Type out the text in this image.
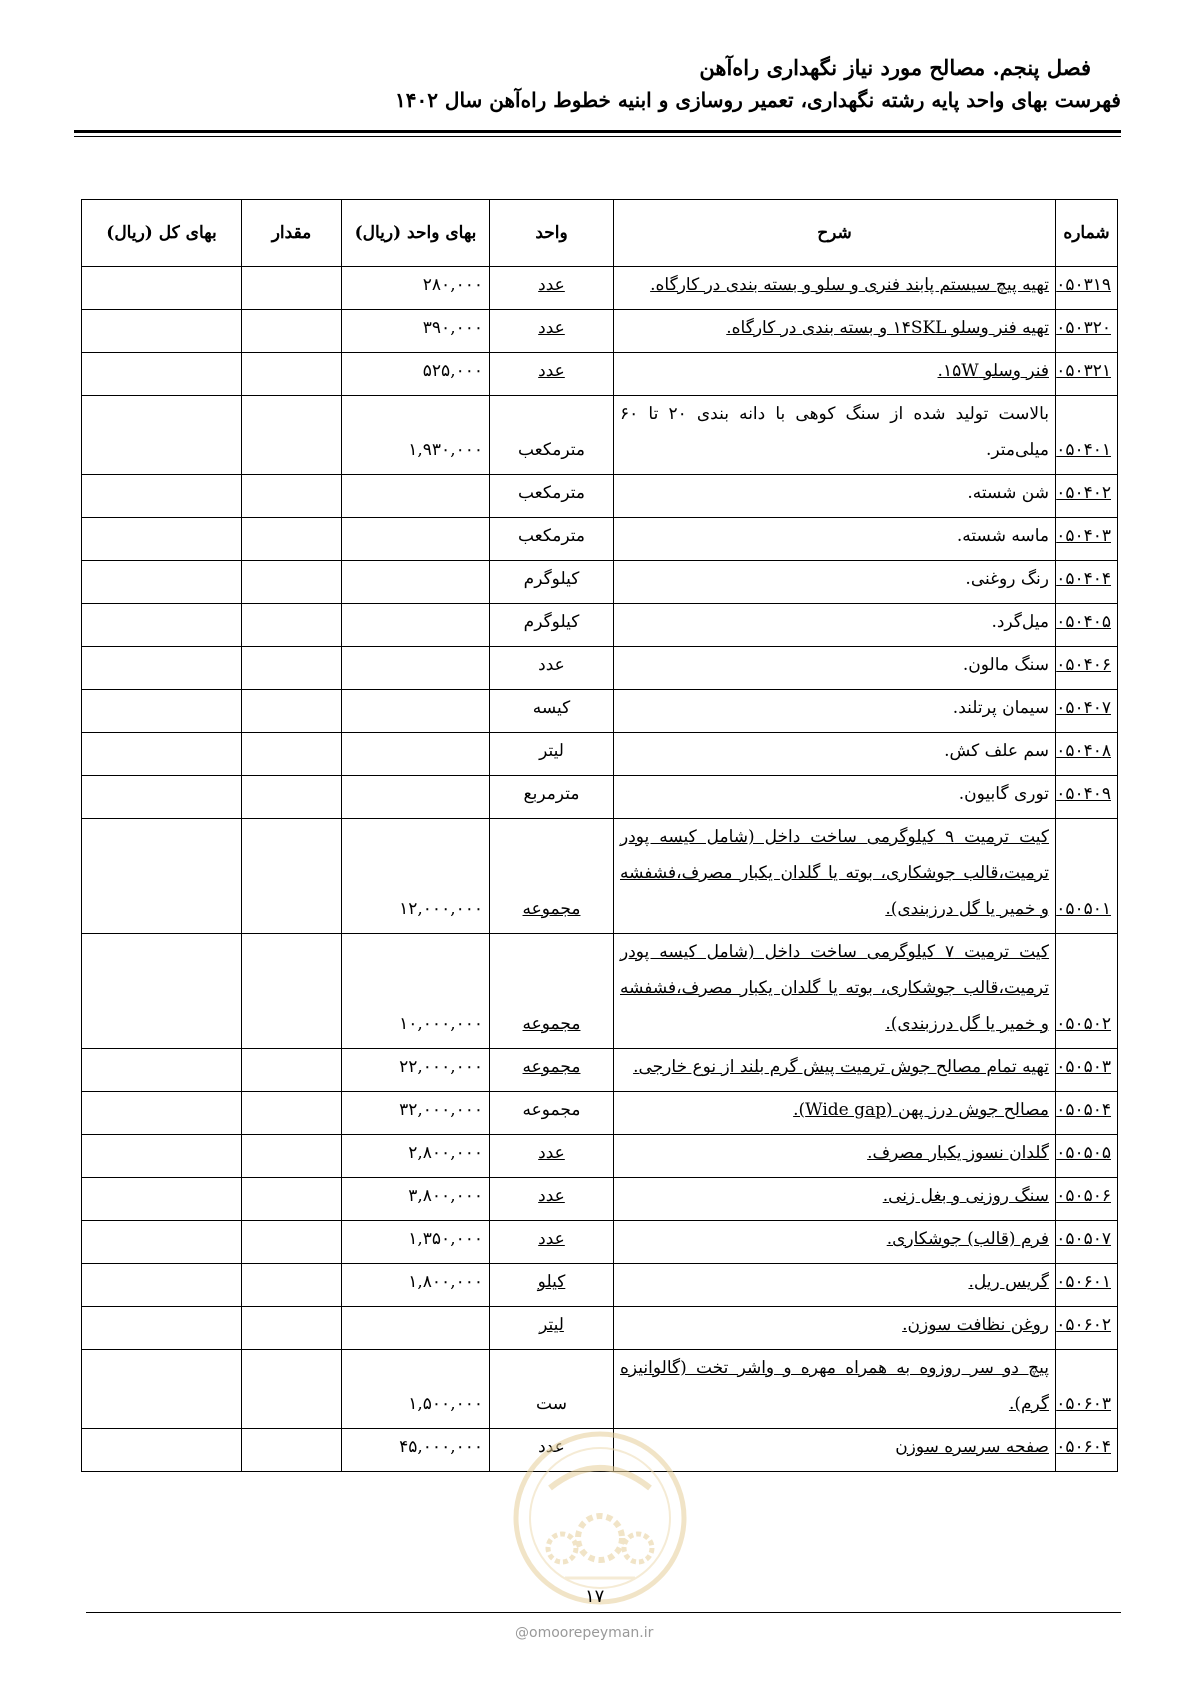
فصل پنجم. مصالح مورد نیاز نگهداری راه‌آهن
فهرست بهای واحد پایه رشته نگهداری، تعمیر روسازی و ابنیه خطوط راه‌آهن سال ۱۴۰۲
شماره	شرح	واحد	بهای واحد (ریال)	مقدار	بهای کل (ریال)
۰۵۰۳۱۹	تهیه پیچ سیستم پابند فنری و سلو و بسته بندی در کارگاه.	عدد	۲۸۰,۰۰۰		
۰۵۰۳۲۰	تهیه فنر وسلو ۱۴SKL و بسته بندی در کارگاه.	عدد	۳۹۰,۰۰۰		
۰۵۰۳۲۱	فنر وسلو ۱۵W.	عدد	۵۲۵,۰۰۰		
۰۵۰۴۰۱	بالاست تولید شده از سنگ کوهی با دانه بندی ۲۰ تا ۶۰ میلی‌متر.	مترمکعب	۱,۹۳۰,۰۰۰		
۰۵۰۴۰۲	شن شسته.	مترمکعب			
۰۵۰۴۰۳	ماسه شسته.	مترمکعب			
۰۵۰۴۰۴	رنگ روغنی.	کیلوگرم			
۰۵۰۴۰۵	میل‌گرد.	کیلوگرم			
۰۵۰۴۰۶	سنگ مالون.	عدد			
۰۵۰۴۰۷	سیمان پرتلند.	کیسه			
۰۵۰۴۰۸	سم علف کش.	لیتر			
۰۵۰۴۰۹	توری گابیون.	مترمربع			
۰۵۰۵۰۱	کیت ترمیت ۹ کیلوگرمی ساخت داخل (شامل کیسه پودر ترمیت،قالب جوشکاری، بوته یا گلدان یکبار مصرف،فشفشه و خمیر یا گل درزبندی).	مجموعه	۱۲,۰۰۰,۰۰۰		
۰۵۰۵۰۲	کیت ترمیت ۷ کیلوگرمی ساخت داخل (شامل کیسه پودر ترمیت،قالب جوشکاری، بوته یا گلدان یکبار مصرف،فشفشه و خمیر یا گل درزبندی).	مجموعه	۱۰,۰۰۰,۰۰۰		
۰۵۰۵۰۳	تهیه تمام مصالح جوش ترمیت پیش گرم بلند از نوع خارجی.	مجموعه	۲۲,۰۰۰,۰۰۰		
۰۵۰۵۰۴	مصالح جوش درز پهن (Wide gap).	مجموعه	۳۲,۰۰۰,۰۰۰		
۰۵۰۵۰۵	گلدان نسوز یکبار مصرف.	عدد	۲,۸۰۰,۰۰۰		
۰۵۰۵۰۶	سنگ روزنی و بغل زنی.	عدد	۳,۸۰۰,۰۰۰		
۰۵۰۵۰۷	فرم (قالب) جوشکاری.	عدد	۱,۳۵۰,۰۰۰		
۰۵۰۶۰۱	گریس ریل.	کیلو	۱,۸۰۰,۰۰۰		
۰۵۰۶۰۲	روغن نظافت سوزن.	لیتر			
۰۵۰۶۰۳	پیچ دو سر روزوه به همراه مهره و واشر تخت (گالوانیزه گرم).	ست	۱,۵۰۰,۰۰۰		
۰۵۰۶۰۴	صفحه سرسره سوزن	عدد	۴۵,۰۰۰,۰۰۰		
۱۷
@omoorepeyman.ir
